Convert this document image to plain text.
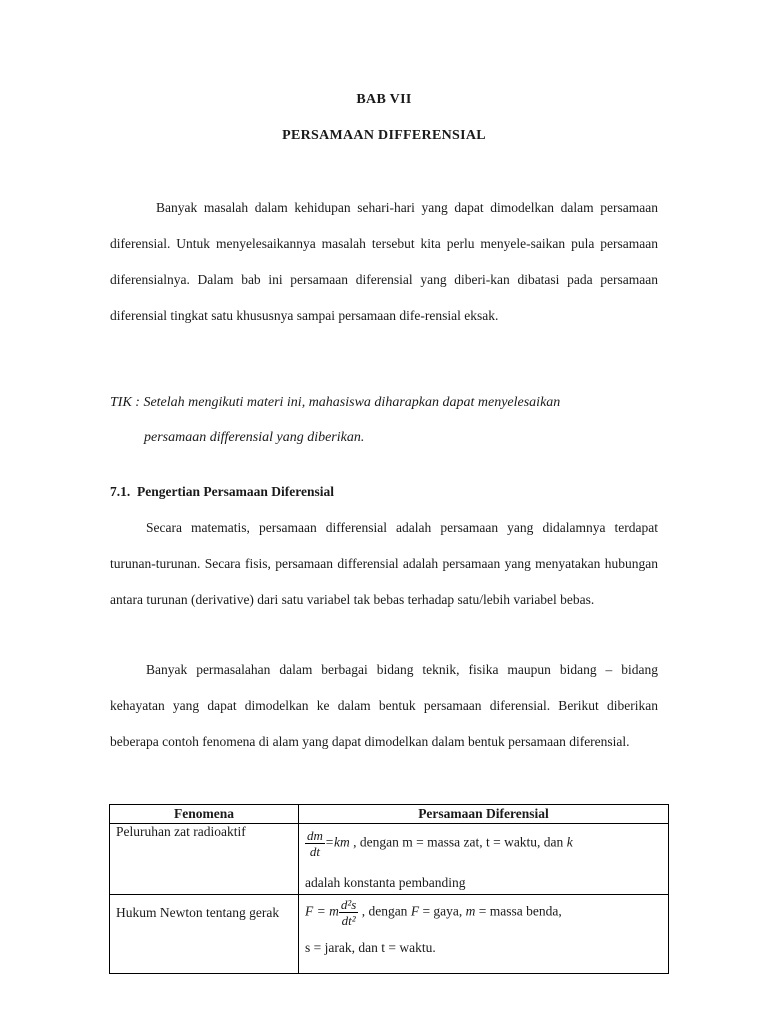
BAB VII
PERSAMAAN DIFFERENSIAL
Banyak masalah dalam kehidupan sehari-hari yang dapat dimodelkan dalam persamaan diferensial. Untuk menyelesaikannya masalah tersebut kita perlu menyele-saikan pula persamaan diferensialnya. Dalam bab ini persamaan diferensial yang diberi-kan dibatasi pada persamaan diferensial tingkat satu khususnya sampai persamaan dife-rensial eksak.
TIK : Setelah mengikuti materi ini, mahasiswa diharapkan dapat menyelesaikan
persamaan differensial yang diberikan.
7.1. Pengertian Persamaan Diferensial
Secara matematis, persamaan differensial adalah persamaan yang didalamnya terdapat turunan-turunan. Secara fisis, persamaan differensial adalah persamaan yang menyatakan hubungan antara turunan (derivative) dari satu variabel tak bebas terhadap satu/lebih variabel bebas.
Banyak permasalahan dalam berbagai bidang teknik, fisika maupun bidang – bidang kehayatan yang dapat dimodelkan ke dalam bentuk persamaan diferensial. Berikut diberikan beberapa contoh fenomena di alam yang dapat dimodelkan dalam bentuk persamaan diferensial.
Fenomena	Persamaan Diferensial
Peluruhan zat radioaktif	$\frac{dm}{dt} =km$ , dengan m = massa zat, t = waktu, dan k
adalah konstanta pembanding

Hukum Newton tentang gerak	F = m $\frac{\text{d²s}}{\text{dt²}}$ , dengan F = gaya, m = massa benda,
s = jarak, dan t = waktu.
